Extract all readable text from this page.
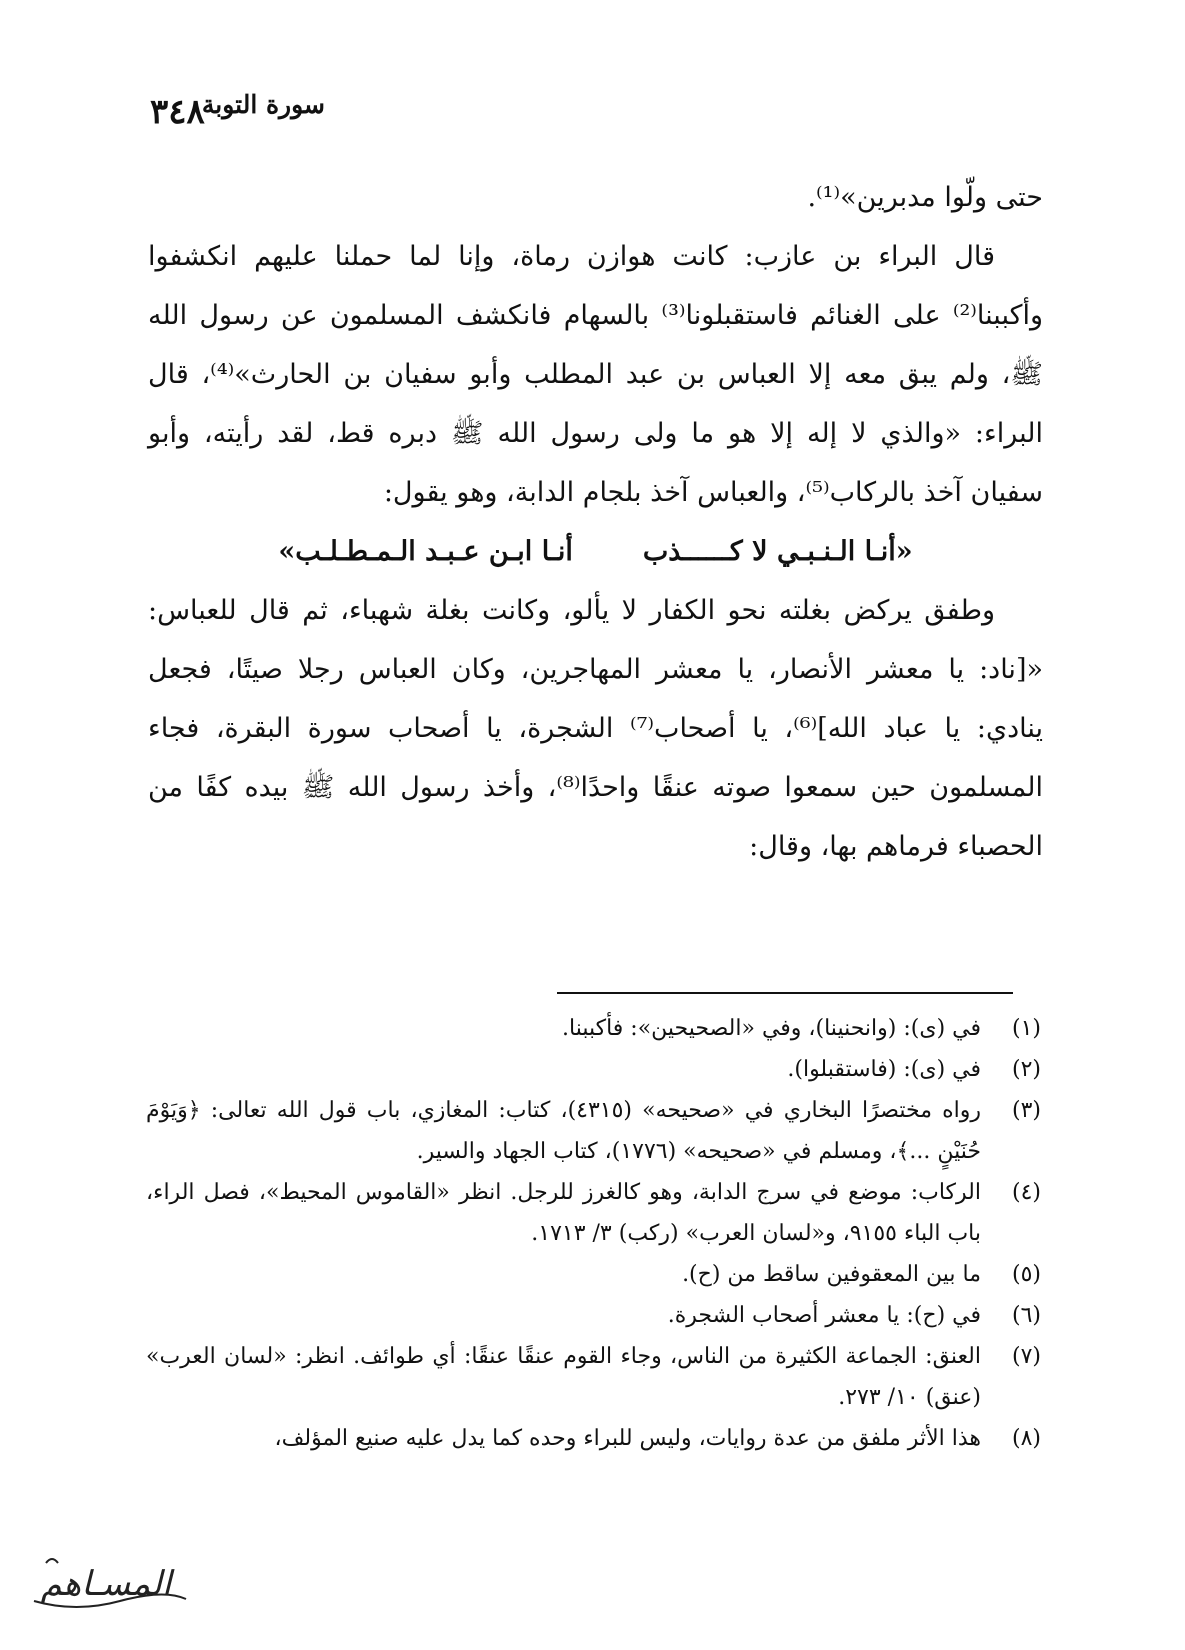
٣٤٨
سورة التوبة

حتى ولّوا مدبرين»⁽¹⁾.

قال البراء بن عازب: كانت هوازن رماة، وإنا لما حملنا عليهم انكشفوا وأكببنا⁽²⁾ على الغنائم فاستقبلونا⁽³⁾ بالسهام فانكشف المسلمون عن رسول الله ﷺ، ولم يبق معه إلا العباس بن عبد المطلب وأبو سفيان بن الحارث»⁽⁴⁾، قال البراء: «والذي لا إله إلا هو ما ولى رسول الله ﷺ دبره قط، لقد رأيته، وأبو سفيان آخذ بالركاب⁽⁵⁾، والعباس آخذ بلجام الدابة، وهو يقول:

«أنـا الـنـبـي لا كــــــذبأنـا ابـن عـبـد الـمـطـلـب»

وطفق يركض بغلته نحو الكفار لا يألو، وكانت بغلة شهباء، ثم قال للعباس: «[ناد: يا معشر الأنصار، يا معشر المهاجرين، وكان العباس رجلا صيتًا، فجعل ينادي: يا عباد الله]⁽⁶⁾، يا أصحاب⁽⁷⁾ الشجرة، يا أصحاب سورة البقرة، فجاء المسلمون حين سمعوا صوته عنقًا واحدًا⁽⁸⁾، وأخذ رسول الله ﷺ بيده كفًا من الحصباء فرماهم بها، وقال:

(١)
في (ى): (وانحنينا)، وفي «الصحيحين»: فأكببنا.
(٢)
في (ى): (فاستقبلوا).
(٣)
رواه مختصرًا البخاري في «صحيحه» (٤٣١٥)، كتاب: المغازي، باب قول الله تعالى: ﴿وَيَوْمَ حُنَيْنٍ ...﴾، ومسلم في «صحيحه» (١٧٧٦)، كتاب الجهاد والسير.
(٤)
الركاب: موضع في سرج الدابة، وهو كالغرز للرجل. انظر «القاموس المحيط»، فصل الراء، باب الباء ٩١٥٥، و«لسان العرب» (ركب) ٣/ ١٧١٣.
(٥)
ما بين المعقوفين ساقط من (ح).
(٦)
في (ح): يا معشر أصحاب الشجرة.
(٧)
العنق: الجماعة الكثيرة من الناس، وجاء القوم عنقًا عنقًا: أي طوائف. انظر: «لسان العرب» (عنق) ١٠/ ٢٧٣.
(٨)
هذا الأثر ملفق من عدة روايات، وليس للبراء وحده كما يدل عليه صنيع المؤلف،
المسـاهم
